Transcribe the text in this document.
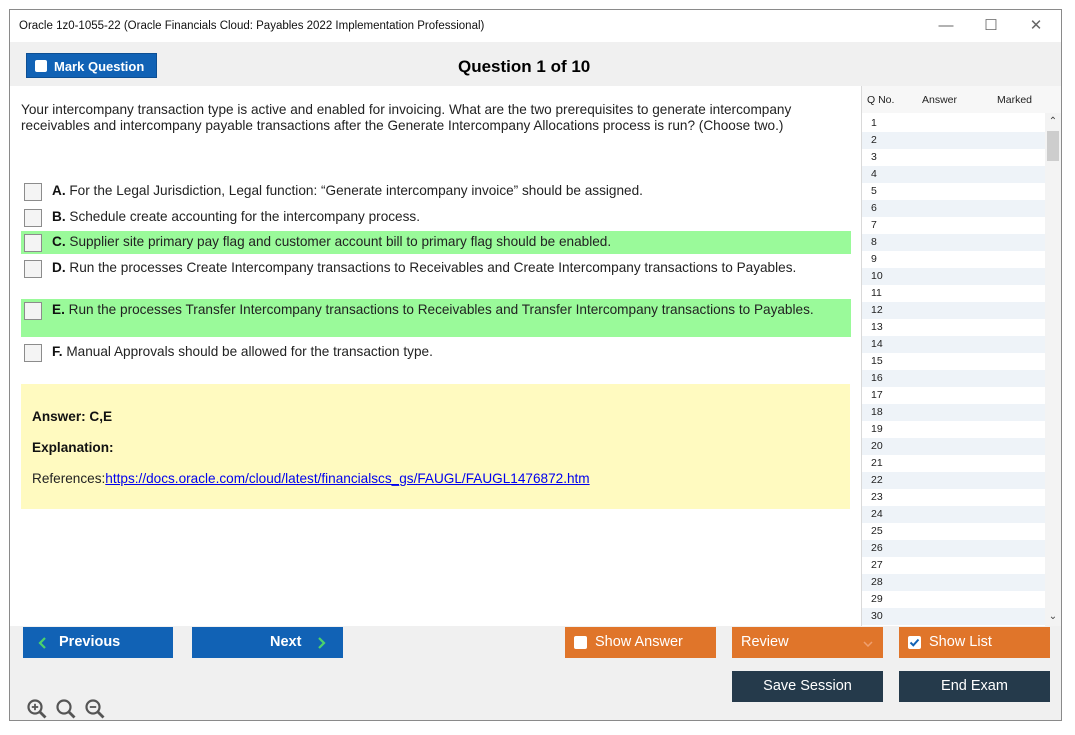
Oracle 1z0-1055-22 (Oracle Financials Cloud: Payables 2022 Implementation Professional)	—	☐	✕
Mark Question	Question 1 of 10
Your intercompany transaction type is active and enabled for invoicing. What are the two prerequisites to generate intercompany receivables and intercompany payable transactions after the Generate Intercompany Allocations process is run? (Choose two.)
A. For the Legal Jurisdiction, Legal function: “Generate intercompany invoice” should be assigned.
B. Schedule create accounting for the intercompany process.
C. Supplier site primary pay flag and customer account bill to primary flag should be enabled.
D. Run the processes Create Intercompany transactions to Receivables and Create Intercompany transactions to Payables.
E. Run the processes Transfer Intercompany transactions to Receivables and Transfer Intercompany transactions to Payables.
F. Manual Approvals should be allowed for the transaction type.
Answer: C,E
Explanation:
References:https://docs.oracle.com/cloud/latest/financialscs_gs/FAUGL/FAUGL1476872.htm
Q No.	Answer	Marked
1
2
3
4
5
6
7
8
9
10
11
12
13
14
15
16
17
18
19
20
21
22
23
24
25
26
27
28
29
30
⌃
⌄
Previous	Next	Show Answer	Review	Show List
Save Session	End Exam
